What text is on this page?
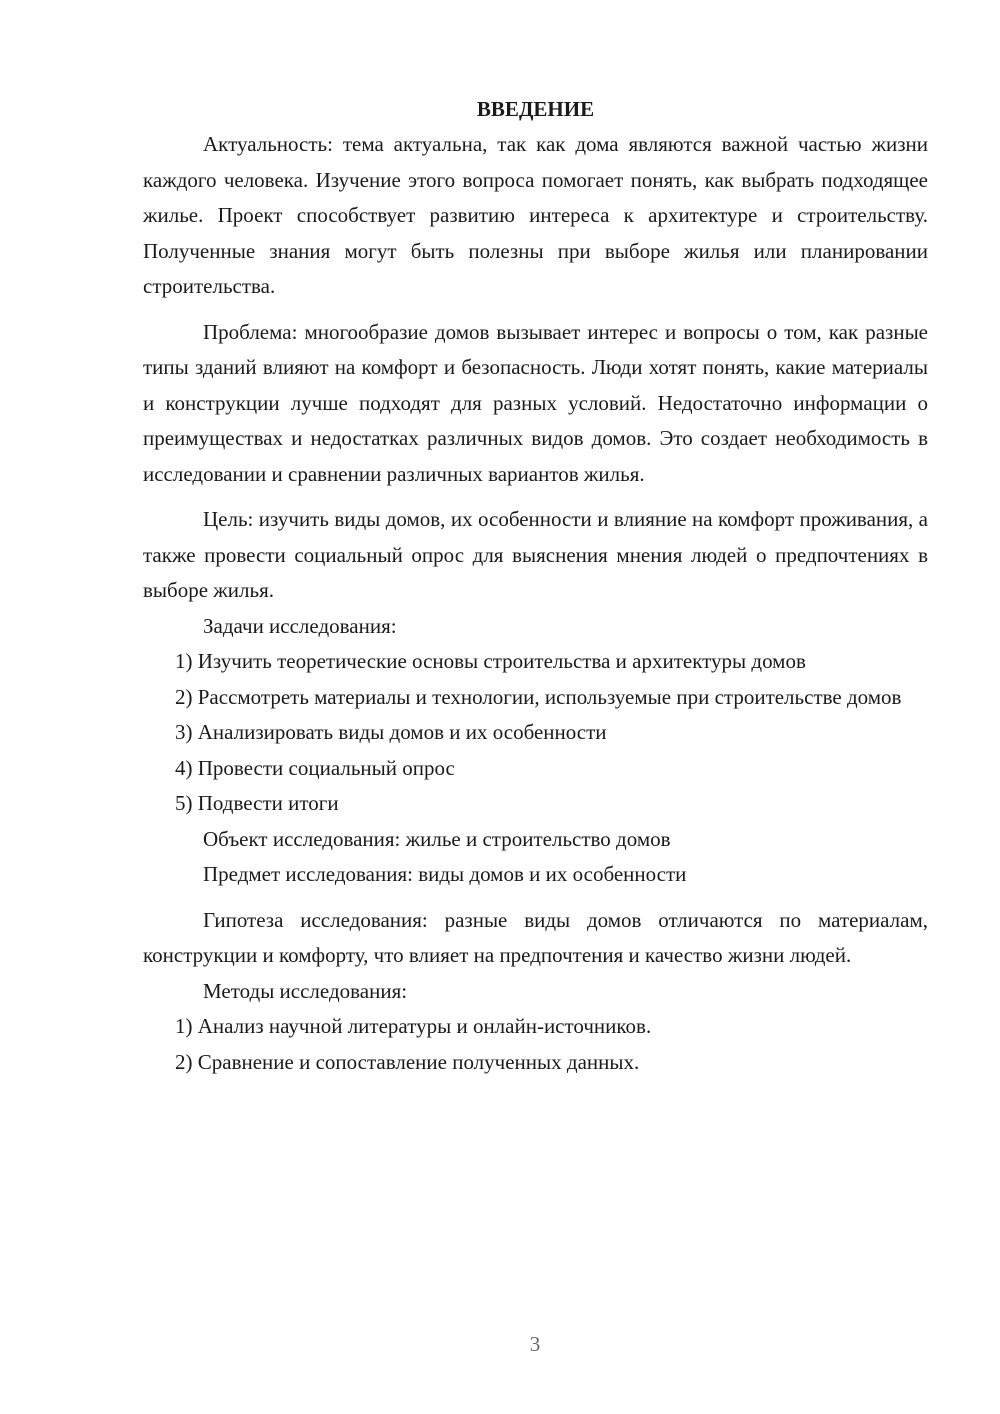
ВВЕДЕНИЕ

Актуальность: тема актуальна, так как дома являются важной частью жизни каждого человека. Изучение этого вопроса помогает понять, как выбрать подходящее жилье. Проект способствует развитию интереса к архитектуре и строительству. Полученные знания могут быть полезны при выборе жилья или планировании строительства.

Проблема: многообразие домов вызывает интерес и вопросы о том, как разные типы зданий влияют на комфорт и безопасность. Люди хотят понять, какие материалы и конструкции лучше подходят для разных условий. Недостаточно информации о преимуществах и недостатках различных видов домов. Это создает необходимость в исследовании и сравнении различных вариантов жилья.

Цель: изучить виды домов, их особенности и влияние на комфорт проживания, а также провести социальный опрос для выяснения мнения людей о предпочтениях в выборе жилья.

Задачи исследования:

1) Изучить теоретические основы строительства и архитектуры домов

2) Рассмотреть материалы и технологии, используемые при строительстве домов

3) Анализировать виды домов и их особенности

4) Провести социальный опрос

5) Подвести итоги

Объект исследования: жилье и строительство домов

Предмет исследования: виды домов и их особенности

Гипотеза исследования: разные виды домов отличаются по материалам, конструкции и комфорту, что влияет на предпочтения и качество жизни людей.

Методы исследования:

1) Анализ научной литературы и онлайн-источников.

2) Сравнение и сопоставление полученных данных.

3
